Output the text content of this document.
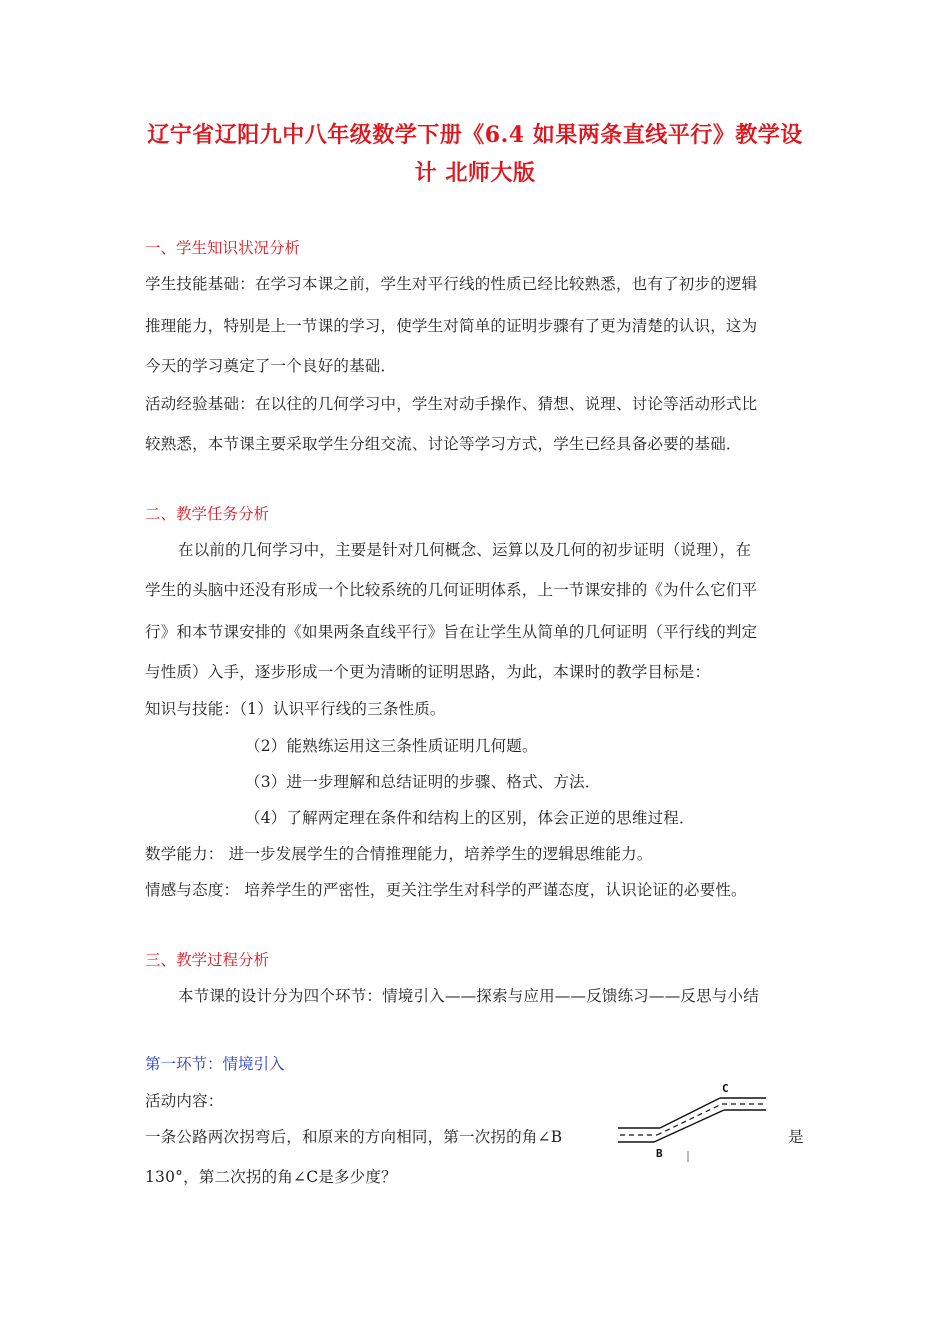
辽宁省辽阳九中八年级数学下册《6.4 如果两条直线平行》教学设
计 北师大版
一、学生知识状况分析
学生技能基础：在学习本课之前，学生对平行线的性质已经比较熟悉，也有了初步的逻辑
推理能力，特别是上一节课的学习，使学生对简单的证明步骤有了更为清楚的认识，这为
今天的学习奠定了一个良好的基础．
活动经验基础：在以往的几何学习中，学生对动手操作、猜想、说理、讨论等活动形式比
较熟悉，本节课主要采取学生分组交流、讨论等学习方式，学生已经具备必要的基础．
二、教学任务分析
在以前的几何学习中，主要是针对几何概念、运算以及几何的初步证明（说理），在
学生的头脑中还没有形成一个比较系统的几何证明体系，上一节课安排的《为什么它们平
行》和本节课安排的《如果两条直线平行》旨在让学生从简单的几何证明（平行线的判定
与性质）入手，逐步形成一个更为清晰的证明思路，为此，本课时的教学目标是：
知识与技能：（1）认识平行线的三条性质。
（2）能熟练运用这三条性质证明几何题。
（3）进一步理解和总结证明的步骤、格式、方法．
（4）了解两定理在条件和结构上的区别，体会正逆的思维过程．
数学能力： 进一步发展学生的合情推理能力，培养学生的逻辑思维能力。
情感与态度： 培养学生的严密性，更关注学生对科学的严谨态度，认识论证的必要性。
三、教学过程分析
本节课的设计分为四个环节：情境引入——探索与应用——反馈练习——反思与小结
第一环节：情境引入
活动内容：
一条公路两次拐弯后，和原来的方向相同，第一次拐的角∠B	是
130°，第二次拐的角∠C是多少度？
C
B
